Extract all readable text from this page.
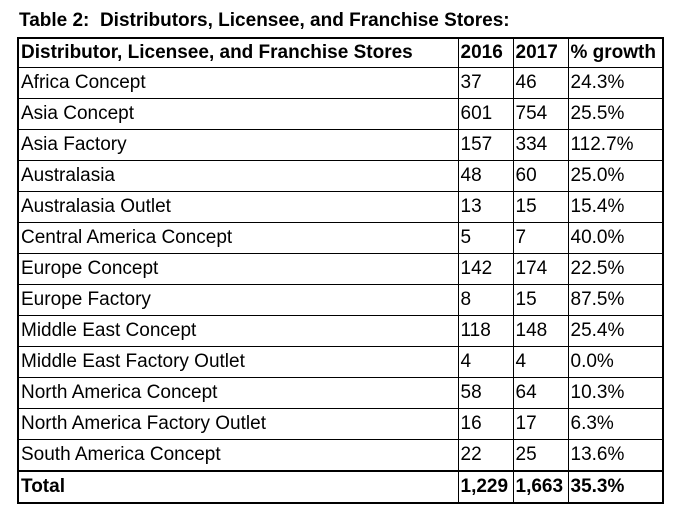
Table 2:  Distributors, Licensee, and Franchise Stores:
Distributor, Licensee, and Franchise Stores	2016	2017	% growth
Africa Concept	37	46	24.3%
Asia Concept	601	754	25.5%
Asia Factory	157	334	112.7%
Australasia	48	60	25.0%
Australasia Outlet	13	15	15.4%
Central America Concept	5	7	40.0%
Europe Concept	142	174	22.5%
Europe Factory	8	15	87.5%
Middle East Concept	118	148	25.4%
Middle East Factory Outlet	4	4	0.0%
North America Concept	58	64	10.3%
North America Factory Outlet	16	17	6.3%
South America Concept	22	25	13.6%
Total	1,229	1,663	35.3%
